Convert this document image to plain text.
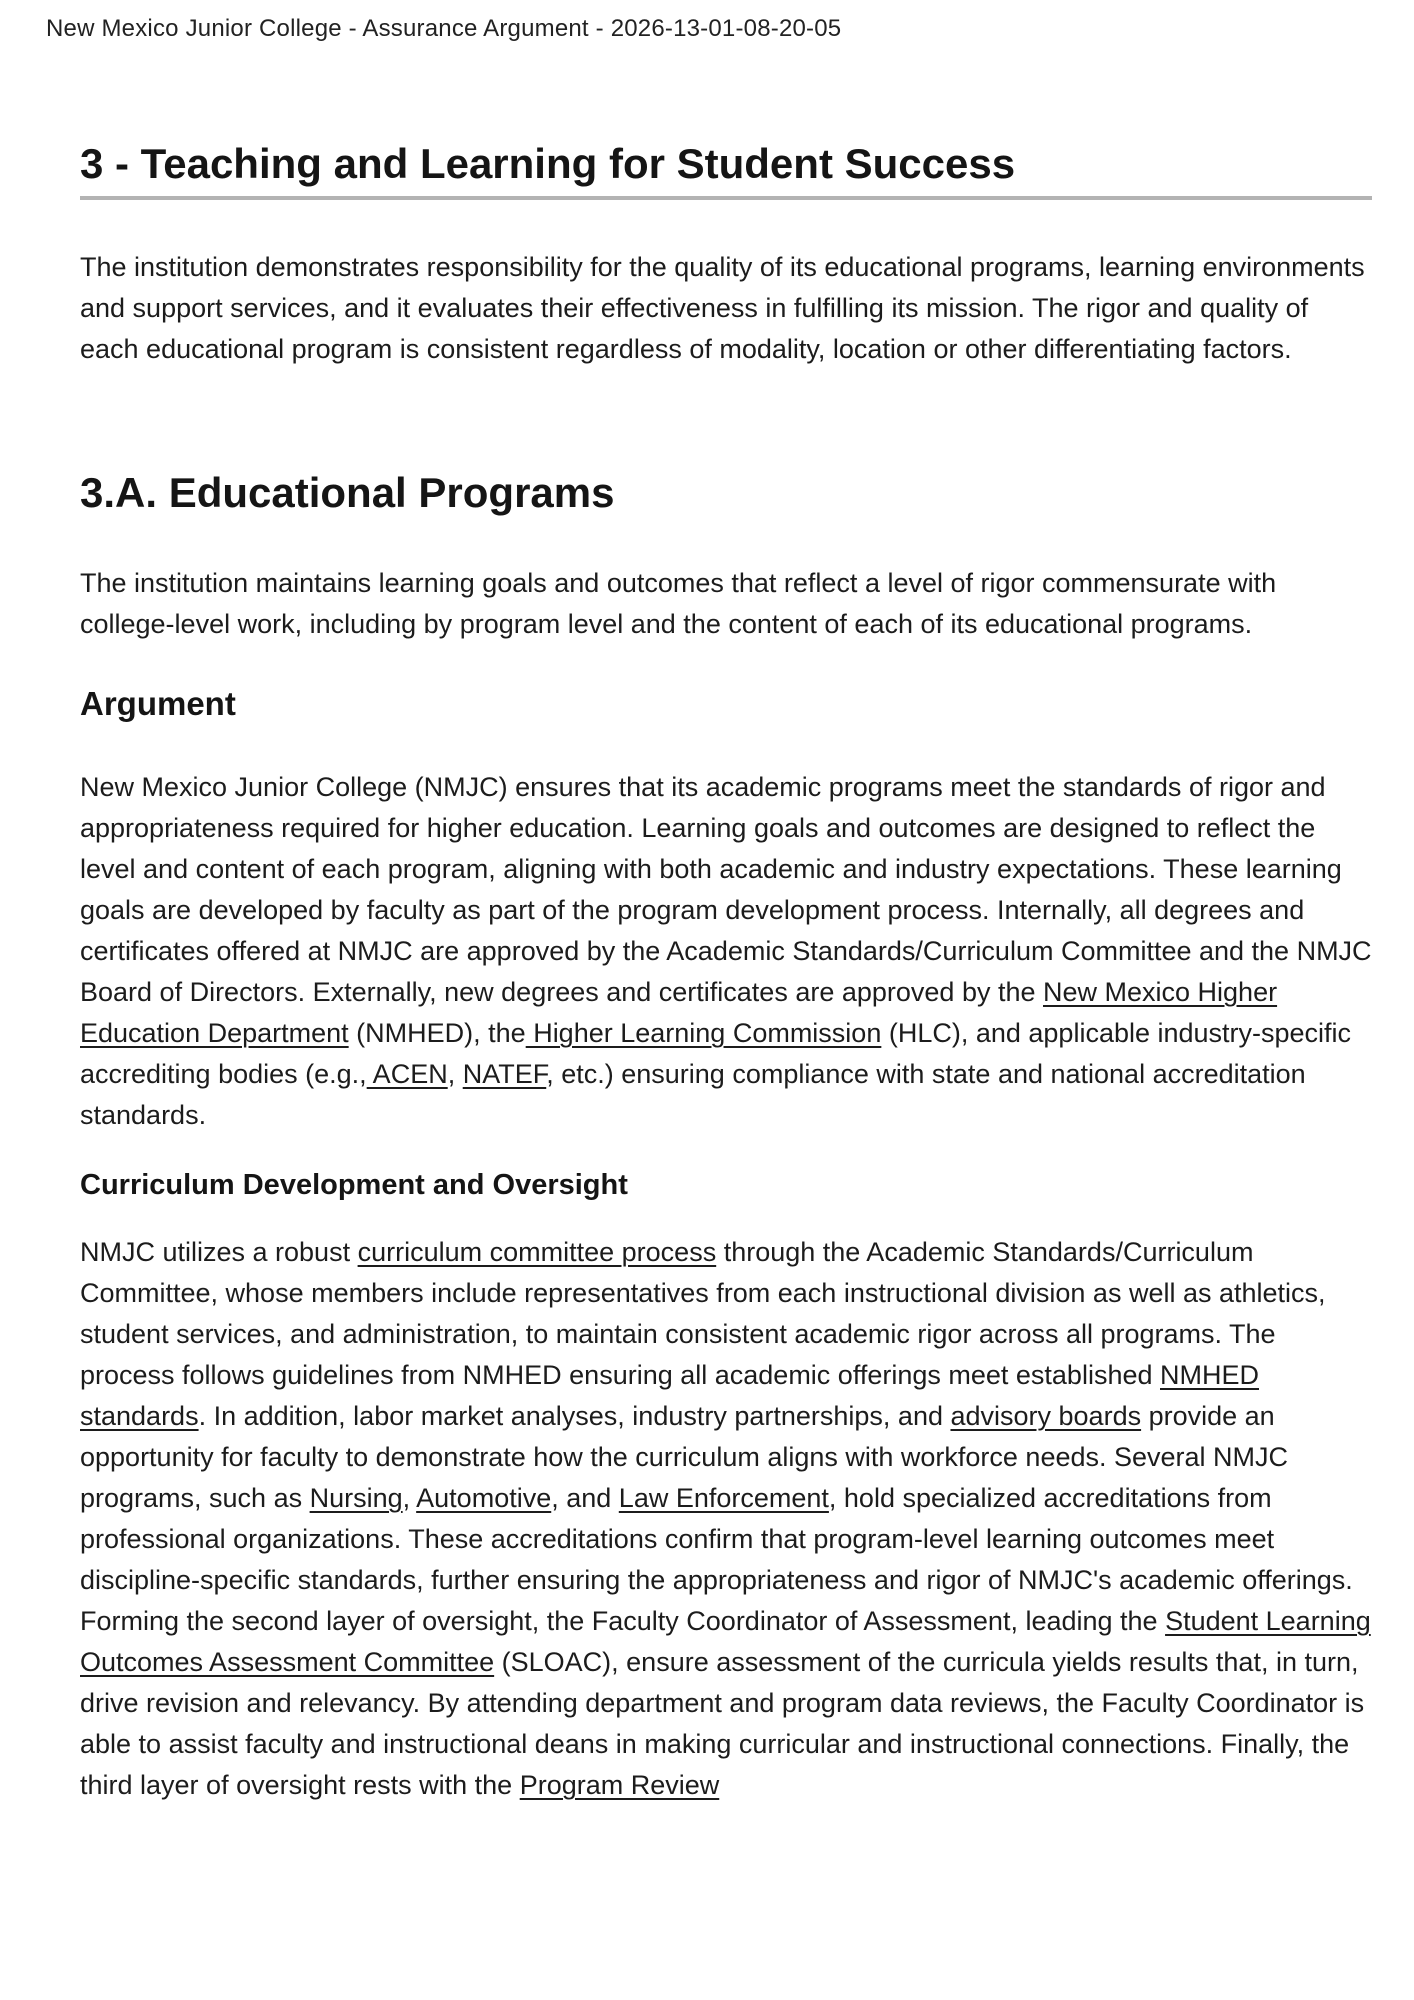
New Mexico Junior College - Assurance Argument - 2026-13-01-08-20-05
3 - Teaching and Learning for Student Success

The institution demonstrates responsibility for the quality of its educational programs, learning environments and support services, and it evaluates their effectiveness in fulfilling its mission. The rigor and quality of each educational program is consistent regardless of modality, location or other differentiating factors.

3.A. Educational Programs

The institution maintains learning goals and outcomes that reflect a level of rigor commensurate with college-level work, including by program level and the content of each of its educational programs.

Argument

New Mexico Junior College (NMJC) ensures that its academic programs meet the standards of rigor and appropriateness required for higher education. Learning goals and outcomes are designed to reflect the level and content of each program, aligning with both academic and industry expectations. These learning goals are developed by faculty as part of the program development process. Internally, all degrees and certificates offered at NMJC are approved by the Academic Standards/Curriculum Committee and the NMJC Board of Directors. Externally, new degrees and certificates are approved by the New Mexico Higher Education Department (NMHED), the Higher Learning Commission (HLC), and applicable industry-specific accrediting bodies (e.g., ACEN, NATEF, etc.) ensuring compliance with state and national accreditation standards.

Curriculum Development and Oversight

NMJC utilizes a robust curriculum committee process through the Academic Standards/Curriculum Committee, whose members include representatives from each instructional division as well as athletics, student services, and administration, to maintain consistent academic rigor across all programs. The process follows guidelines from NMHED ensuring all academic offerings meet established NMHED standards. In addition, labor market analyses, industry partnerships, and advisory boards provide an opportunity for faculty to demonstrate how the curriculum aligns with workforce needs. Several NMJC programs, such as Nursing, Automotive, and Law Enforcement, hold specialized accreditations from professional organizations. These accreditations confirm that program-level learning outcomes meet discipline-specific standards, further ensuring the appropriateness and rigor of NMJC's academic offerings. Forming the second layer of oversight, the Faculty Coordinator of Assessment, leading the Student Learning Outcomes Assessment Committee (SLOAC), ensure assessment of the curricula yields results that, in turn, drive revision and relevancy. By attending department and program data reviews, the Faculty Coordinator is able to assist faculty and instructional deans in making curricular and instructional connections. Finally, the third layer of oversight rests with the Program Review
